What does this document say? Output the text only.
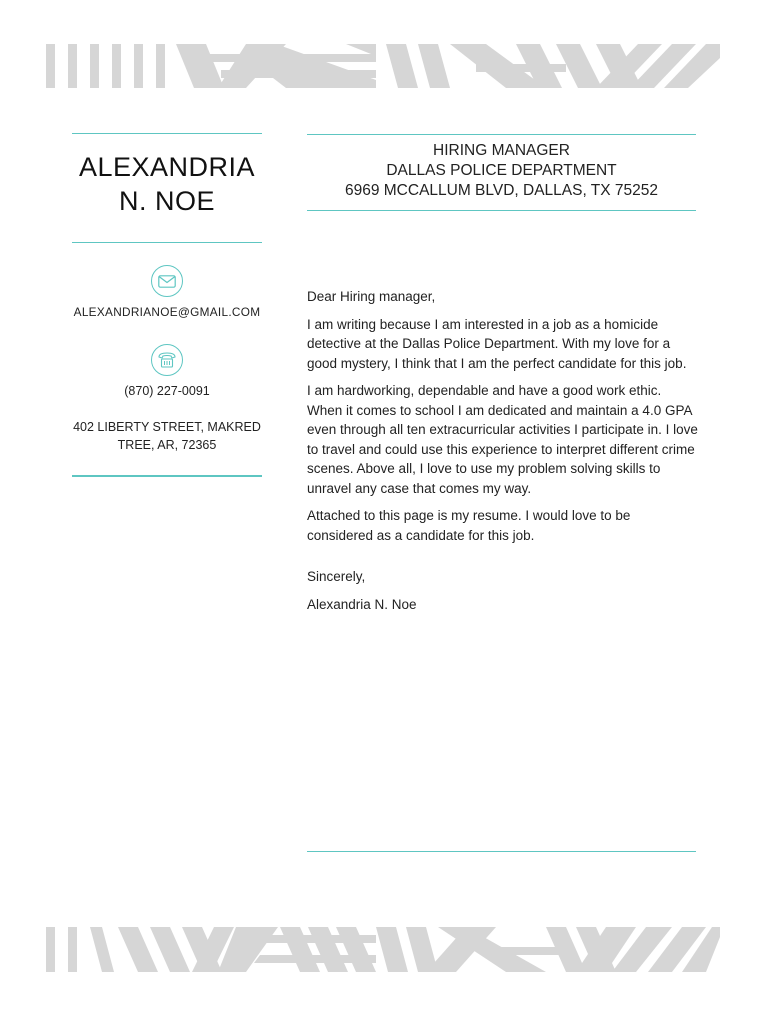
ALEXANDRIA
N. NOE
ALEXANDRIANOE@GMAIL.COM
(870) 227-0091
402 LIBERTY STREET, MAKRED
TREE, AR, 72365
HIRING MANAGER
DALLAS POLICE DEPARTMENT
6969 MCCALLUM BLVD, DALLAS, TX 75252

Dear Hiring manager,

I am writing because I am interested in a job as a homicide detective at the Dallas Police Department. With my love for a good mystery, I think that I am the perfect candidate for this job.

I am hardworking, dependable and have a good work ethic. When it comes to school I am dedicated and maintain a 4.0 GPA even through all ten extracurricular activities I participate in. I love to travel and could use this experience to interpret different crime scenes. Above all, I love to use my problem solving skills to unravel any case that comes my way.

Attached to this page is my resume. I would love to be considered as a candidate for this job.

Sincerely,

Alexandria N. Noe
